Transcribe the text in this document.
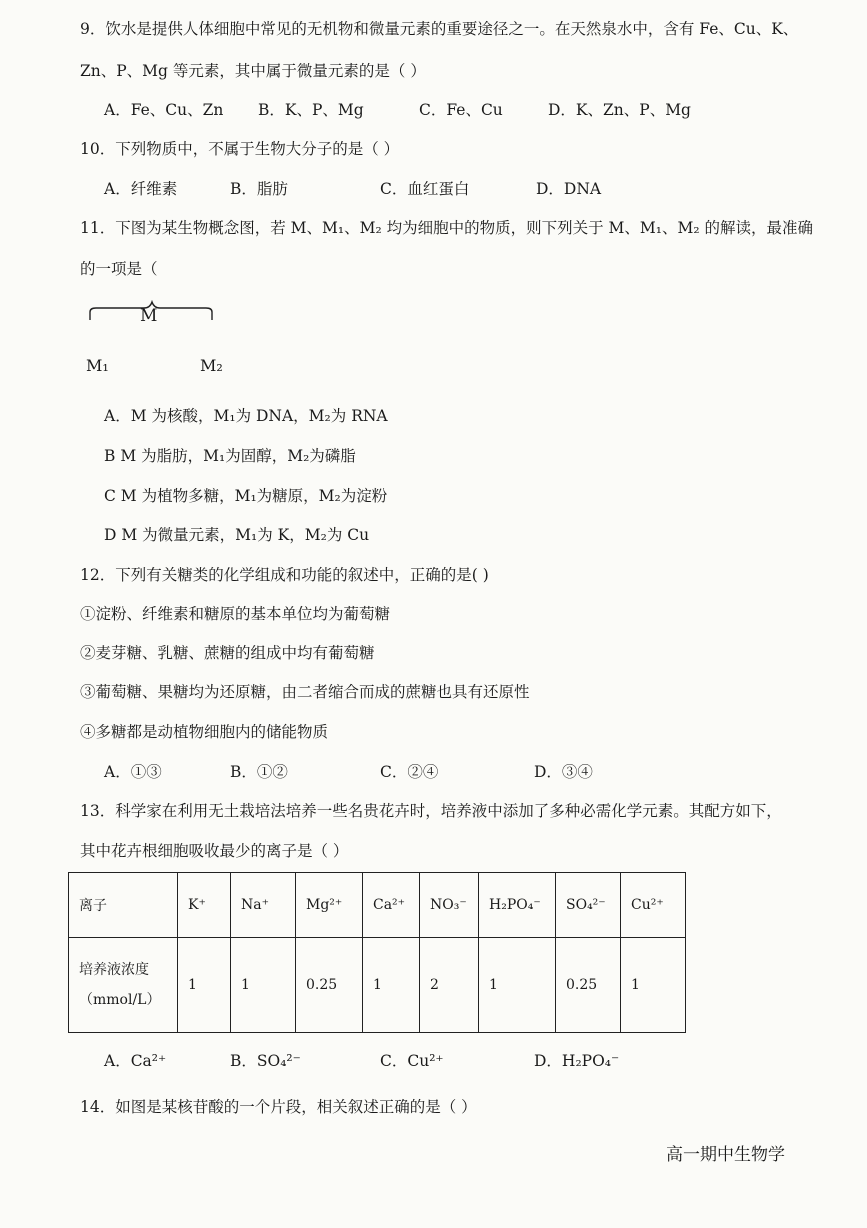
9．饮水是提供人体细胞中常见的无机物和微量元素的重要途径之一。在天然泉水中，含有 Fe、Cu、K、
Zn、P、Mg 等元素，其中属于微量元素的是（ ）
A．Fe、Cu、Zn B．K、P、Mg	C．Fe、Cu	D．K、Zn、P、Mg
10．下列物质中，不属于生物大分子的是（ ）
A．纤维素	B．脂肪	C．血红蛋白	D．DNA
11．下图为某生物概念图，若 M、M₁、M₂ 均为细胞中的物质，则下列关于 M、M₁、M₂ 的解读，最准确
的一项是（
M
M₁	M₂
A．M 为核酸，M₁为 DNA，M₂为 RNA
B M 为脂肪，M₁为固醇，M₂为磷脂
C M 为植物多糖，M₁为糖原，M₂为淀粉
D M 为微量元素，M₁为 K，M₂为 Cu
12．下列有关糖类的化学组成和功能的叙述中，正确的是( )
①淀粉、纤维素和糖原的基本单位均为葡萄糖
②麦芽糖、乳糖、蔗糖的组成中均有葡萄糖
③葡萄糖、果糖均为还原糖，由二者缩合而成的蔗糖也具有还原性
④多糖都是动植物细胞内的储能物质
A．①③	B．①②	C．②④	D．③④
13．科学家在利用无土栽培法培养一些名贵花卉时，培养液中添加了多种必需化学元素。其配方如下，
其中花卉根细胞吸收最少的离子是（ ）
离子	K⁺	Na⁺	Mg²⁺	Ca²⁺	NO₃⁻	H₂PO₄⁻	SO₄²⁻	Cu²⁺

培养液浓度
（mmol/L）	1	1	0.25	1	2	1	0.25	1
A．Ca²⁺	B．SO₄²⁻	C．Cu²⁺	D．H₂PO₄⁻
14．如图是某核苷酸的一个片段，相关叙述正确的是（ ）
高一期中生物学
